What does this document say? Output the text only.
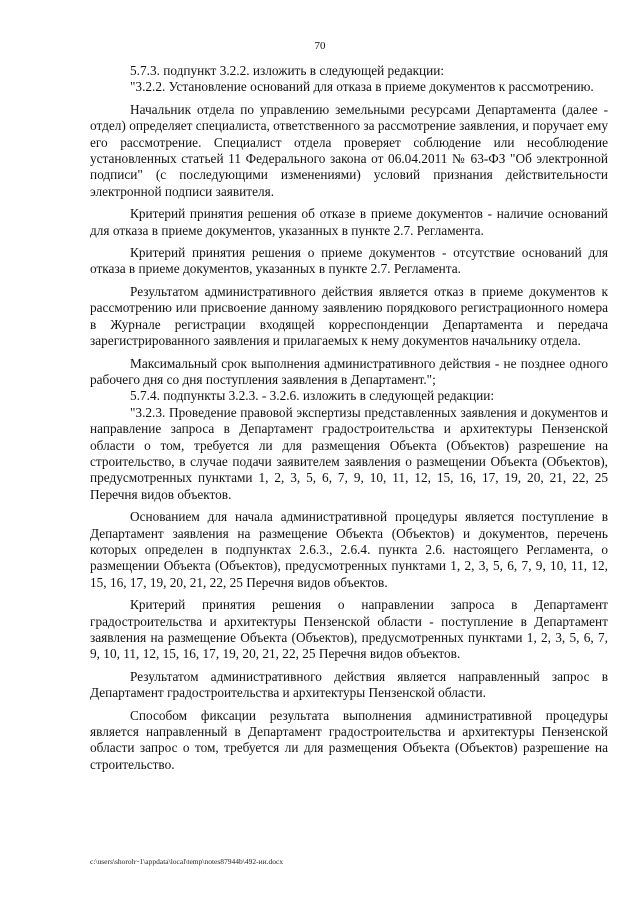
70

5.7.3. подпункт 3.2.2. изложить в следующей редакции:

"3.2.2. Установление оснований для отказа в приеме документов к рассмотрению.

Начальник отдела по управлению земельными ресурсами Департамента (далее - отдел) определяет специалиста, ответственного за рассмотрение заявления, и поручает ему его рассмотрение. Специалист отдела проверяет соблюдение или несоблюдение установленных статьей 11 Федерального закона от 06.04.2011 № 63-ФЗ "Об электронной подписи" (с последующими изменениями) условий признания действительности электронной подписи заявителя.

Критерий принятия решения об отказе в приеме документов - наличие оснований для отказа в приеме документов, указанных в пункте 2.7. Регламента.

Критерий принятия решения о приеме документов - отсутствие оснований для отказа в приеме документов, указанных в пункте 2.7. Регламента.

Результатом административного действия является отказ в приеме документов к рассмотрению или присвоение данному заявлению порядкового регистрационного номера в Журнале регистрации входящей корреспонденции Департамента и передача зарегистрированного заявления и прилагаемых к нему документов начальнику отдела.

Максимальный срок выполнения административного действия - не позднее одного рабочего дня со дня поступления заявления в Департамент.";

5.7.4. подпункты 3.2.3. - 3.2.6. изложить в следующей редакции:

"3.2.3. Проведение правовой экспертизы представленных заявления и документов и направление запроса в Департамент градостроительства и архитектуры Пензенской области о том, требуется ли для размещения Объекта (Объектов) разрешение на строительство, в случае подачи заявителем заявления о размещении Объекта (Объектов), предусмотренных пунктами 1, 2, 3, 5, 6, 7, 9, 10, 11, 12, 15, 16, 17, 19, 20, 21, 22, 25 Перечня видов объектов.

Основанием для начала административной процедуры является поступление в Департамент заявления на размещение Объекта (Объектов) и документов, перечень которых определен в подпунктах 2.6.3., 2.6.4. пункта 2.6. настоящего Регламента, о размещении Объекта (Объектов), предусмотренных пунктами 1, 2, 3, 5, 6, 7, 9, 10, 11, 12, 15, 16, 17, 19, 20, 21, 22, 25 Перечня видов объектов.

Критерий принятия решения о направлении запроса в Департамент градостроительства и архитектуры Пензенской области - поступление в Департамент заявления на размещение Объекта (Объектов), предусмотренных пунктами 1, 2, 3, 5, 6, 7, 9, 10, 11, 12, 15, 16, 17, 19, 20, 21, 22, 25 Перечня видов объектов.

Результатом административного действия является направленный запрос в Департамент градостроительства и архитектуры Пензенской области.

Способом фиксации результата выполнения административной процедуры является направленный в Департамент градостроительства и архитектуры Пензенской области запрос о том, требуется ли для размещения Объекта (Объектов) разрешение на строительство.

c:\users\shoroh~1\appdata\local\temp\notes87944b\492-ии.docx
